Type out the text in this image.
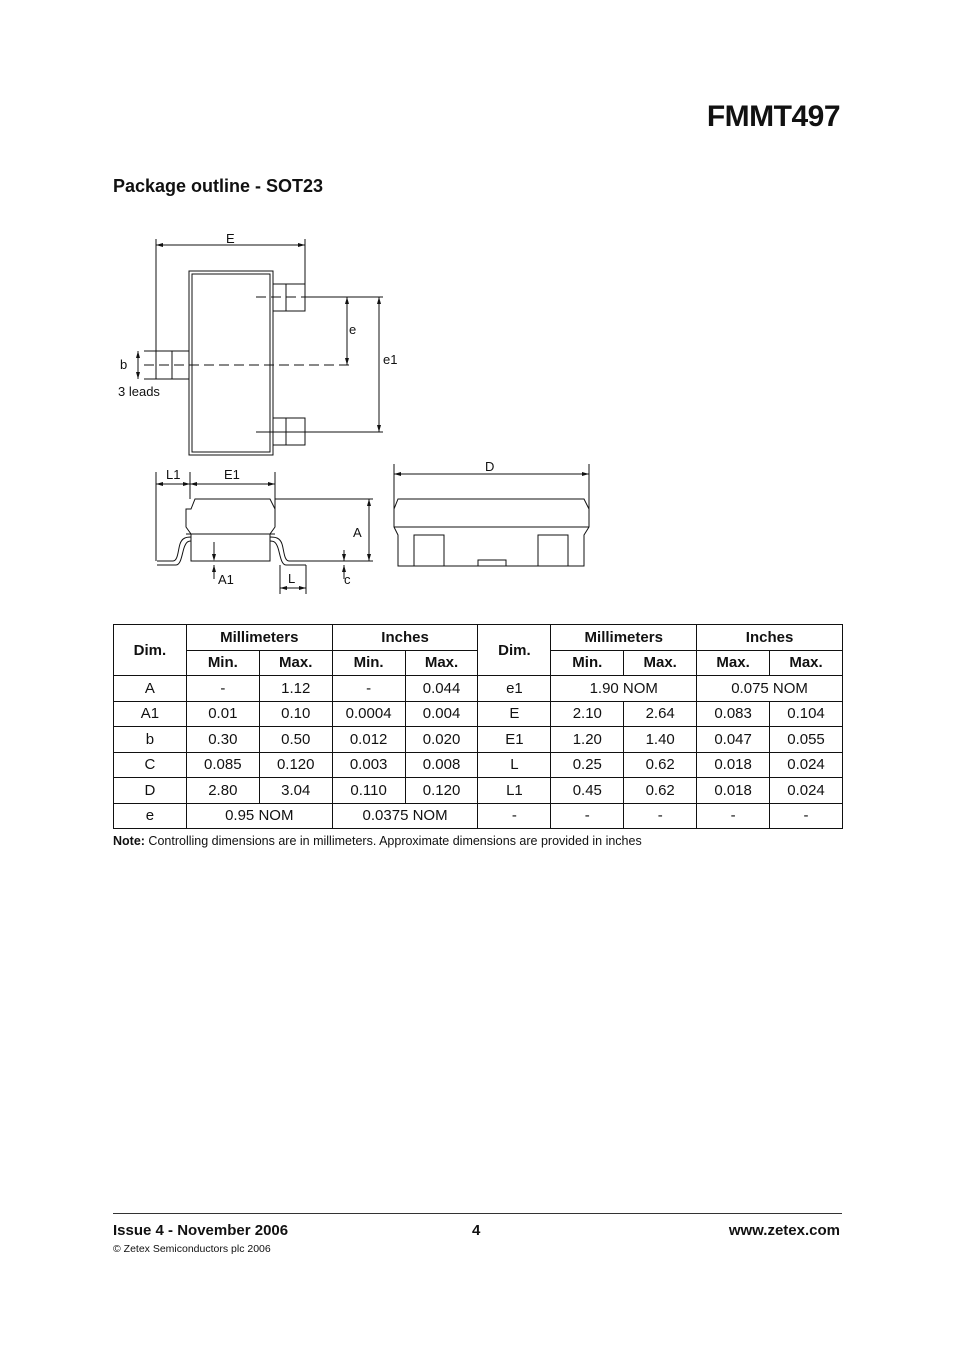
FMMT497
Package outline - SOT23
E
e
e1
b
3 leads
L1	E1
D
A
A1	L	c
Dim.	Millimeters		Inches		Dim.	Millimeters		Inches	
	Min.	Max.	Min.	Max.		Min.	Max.	Max.	Max.
A	-	1.12	-	0.044	e1	1.90 NOM		0.075 NOM	
A1	0.01	0.10	0.0004	0.004	E	2.10	2.64	0.083	0.104
b	0.30	0.50	0.012	0.020	E1	1.20	1.40	0.047	0.055
C	0.085	0.120	0.003	0.008	L	0.25	0.62	0.018	0.024
D	2.80	3.04	0.110	0.120	L1	0.45	0.62	0.018	0.024
e	0.95 NOM		0.0375 NOM		-	-	-	-	-
Note: Controlling dimensions are in millimeters. Approximate dimensions are provided in inches
Issue 4 - November 2006	4	www.zetex.com
© Zetex Semiconductors plc 2006
